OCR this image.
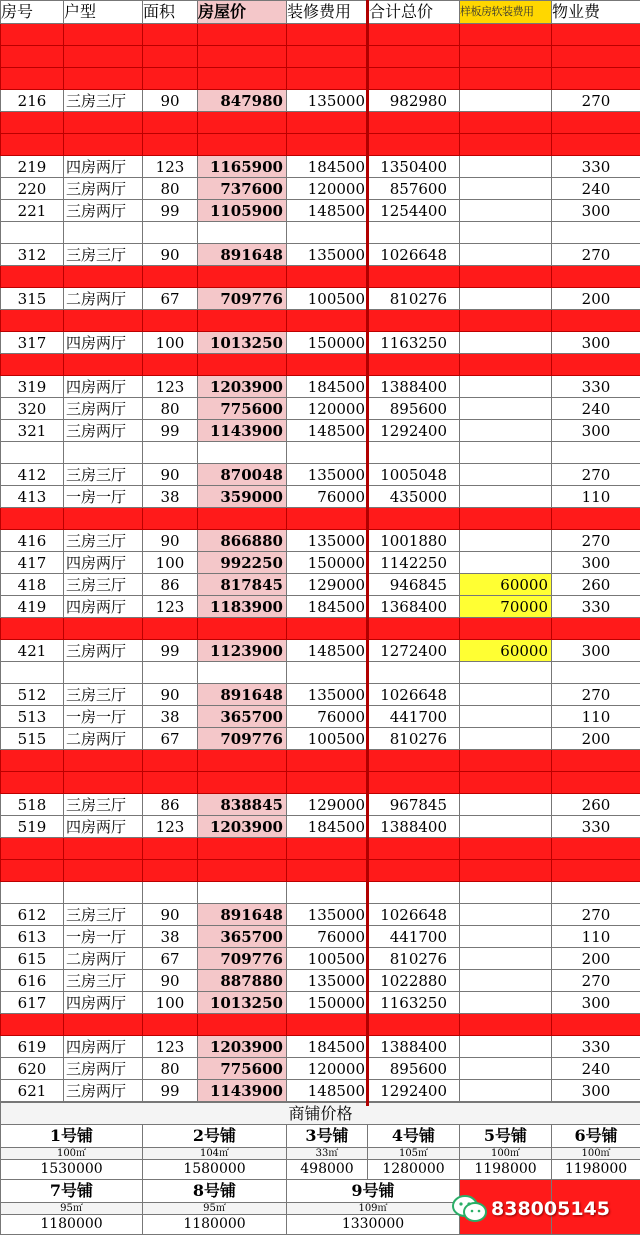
房号	户型	面积	房屋价	装修费用	合计总价	样板房软装费用	物业费

216	三房三厅	90	847980	135000	982980		270

219	四房两厅	123	1165900	184500	1350400		330
220	三房两厅	80	737600	120000	857600		240
221	三房两厅	99	1105900	148500	1254400		300

312	三房三厅	90	891648	135000	1026648		270

315	二房两厅	67	709776	100500	810276		200

317	四房两厅	100	1013250	150000	1163250		300

319	四房两厅	123	1203900	184500	1388400		330
320	三房两厅	80	775600	120000	895600		240
321	三房两厅	99	1143900	148500	1292400		300

412	三房三厅	90	870048	135000	1005048		270
413	一房一厅	38	359000	76000	435000		110

416	三房三厅	90	866880	135000	1001880		270
417	四房两厅	100	992250	150000	1142250		300
418	三房三厅	86	817845	129000	946845	60000	260
419	四房两厅	123	1183900	184500	1368400	70000	330

421	三房两厅	99	1123900	148500	1272400	60000	300

512	三房三厅	90	891648	135000	1026648		270
513	一房一厅	38	365700	76000	441700		110
515	二房两厅	67	709776	100500	810276		200

518	三房三厅	86	838845	129000	967845		260
519	四房两厅	123	1203900	184500	1388400		330

612	三房三厅	90	891648	135000	1026648		270
613	一房一厅	38	365700	76000	441700		110
615	二房两厅	67	709776	100500	810276		200
616	三房三厅	90	887880	135000	1022880		270
617	四房两厅	100	1013250	150000	1163250		300

619	四房两厅	123	1203900	184500	1388400		330
620	三房两厅	80	775600	120000	895600		240
621	三房两厅	99	1143900	148500	1292400		300
商铺价格					
1号铺	2号铺	3号铺	4号铺	5号铺	6号铺
100㎡	104㎡	33㎡	105㎡	100㎡	100㎡
1530000	1580000	498000	1280000	1198000	1198000
7号铺	8号铺	9号铺			
95㎡	95㎡	109㎡			
1180000	1180000	1330000			
838005145
